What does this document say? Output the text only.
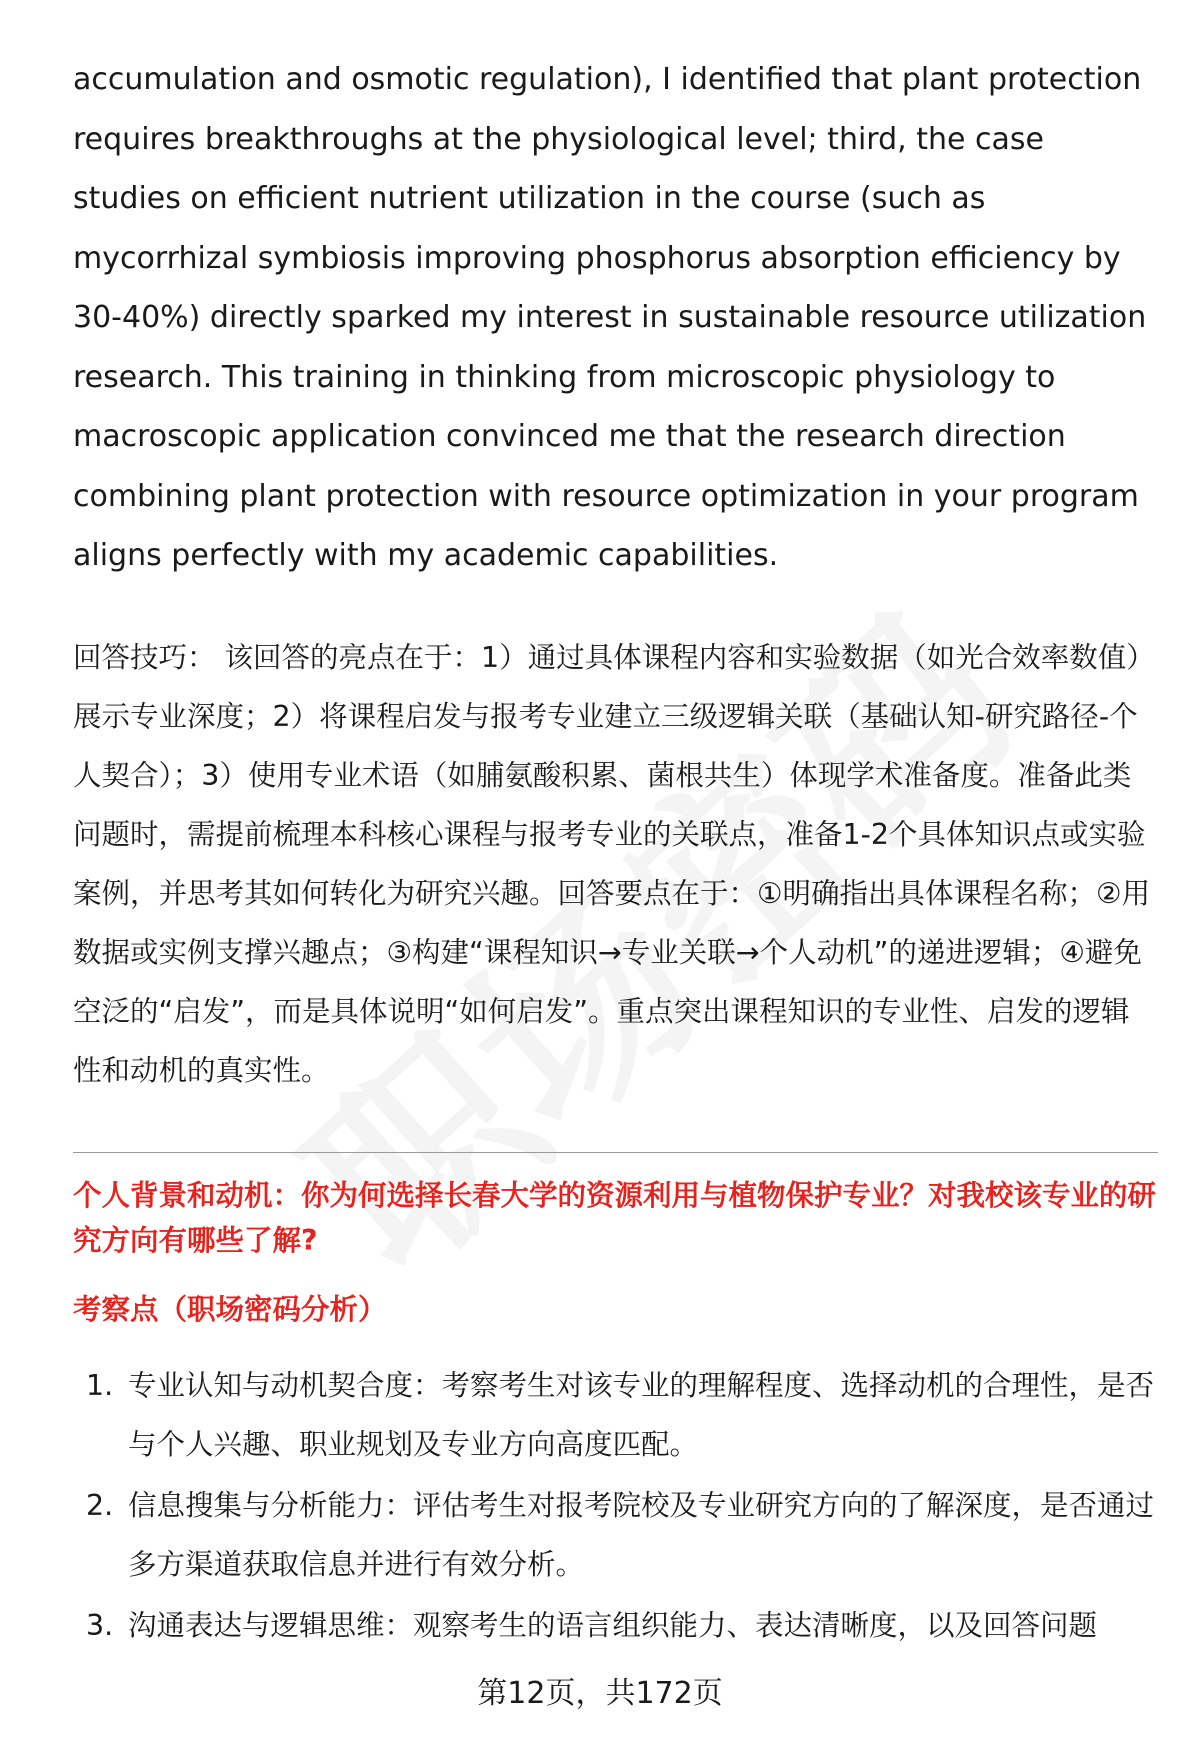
accumulation and osmotic regulation), I identified that plant protection requires breakthroughs at the physiological level; third, the case studies on efficient nutrient utilization in the course (such as mycorrhizal symbiosis improving phosphorus absorption efficiency by 30-40%) directly sparked my interest in sustainable resource utilization research. This training in thinking from microscopic physiology to macroscopic application convinced me that the research direction combining plant protection with resource optimization in your program aligns perfectly with my academic capabilities.

回答技巧： 该回答的亮点在于：1）通过具体课程内容和实验数据（如光合效率数值）展示专业深度；2）将课程启发与报考专业建立三级逻辑关联（基础认知-研究路径-个人契合）；3）使用专业术语（如脯氨酸积累、菌根共生）体现学术准备度。准备此类问题时，需提前梳理本科核心课程与报考专业的关联点，准备1-2个具体知识点或实验案例，并思考其如何转化为研究兴趣。回答要点在于：①明确指出具体课程名称；②用数据或实例支撑兴趣点；③构建“课程知识→专业关联→个人动机”的递进逻辑；④避免空泛的“启发”，而是具体说明“如何启发”。重点突出课程知识的专业性、启发的逻辑性和动机的真实性。

个人背景和动机：你为何选择长春大学的资源利用与植物保护专业？对我校该专业的研究方向有哪些了解?
考察点（职场密码分析）
1. 专业认知与动机契合度：考察考生对该专业的理解程度、选择动机的合理性，是否与个人兴趣、职业规划及专业方向高度匹配。
2. 信息搜集与分析能力：评估考生对报考院校及专业研究方向的了解深度，是否通过多方渠道获取信息并进行有效分析。
3. 沟通表达与逻辑思维：观察考生的语言组织能力、表达清晰度，以及回答问题
第12页，共172页
